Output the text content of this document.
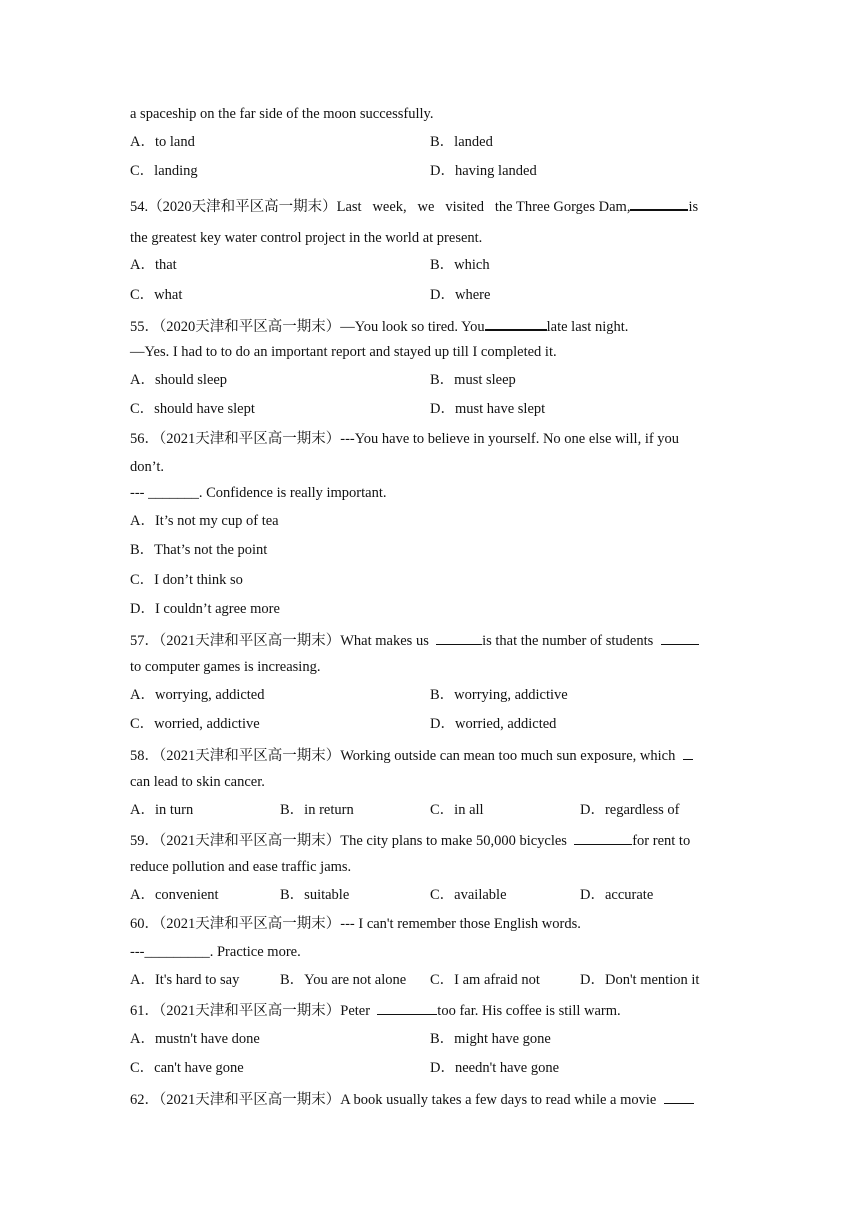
a spaceship on the far side of the moon successfully.
A．to land	B．landed
C．landing	D．having landed
54.（2020天津和平区高一期末）Last   week,   we   visited   the Three Gorges Dam,	is
the greatest key water control project in the world at present.
A．that	B．which
C．what	D．where
55．（2020天津和平区高一期末）—You look so tired. You	late last night.
—Yes. I had to to do an important report and stayed up till I completed it.
A．should sleep	B．must sleep
C．should have slept	D．must have slept
56．（2021天津和平区高一期末）---You have to believe in yourself. No one else will, if you
don’t.
--- _______. Confidence is really important.
A．It’s not my cup of tea
B．That’s not the point
C．I don’t think so
D．I couldn’t agree more
57．（2021天津和平区高一期末）What makes us	is that the number of students
to computer games is increasing.
A．worrying, addicted	B．worrying, addictive
C．worried, addictive	D．worried, addicted
58．（2021天津和平区高一期末）Working outside can mean too much sun exposure, which
can lead to skin cancer.
A．in turn	B．in return	C．in all	D．regardless of
59．（2021天津和平区高一期末）The city plans to make 50,000 bicycles	for rent to
reduce pollution and ease traffic jams.
A．convenient	B．suitable	C．available	D．accurate
60．（2021天津和平区高一期末）--- I can't remember those English words.
---_________. Practice more.
A．It's hard to say	B．You are not alone C．I am afraid not	D．Don't mention it
61．（2021天津和平区高一期末）Peter	too far. His coffee is still warm.
A．mustn't have done	B．might have gone
C．can't have gone	D．needn't have gone
62．（2021天津和平区高一期末）A book usually takes a few days to read while a movie
